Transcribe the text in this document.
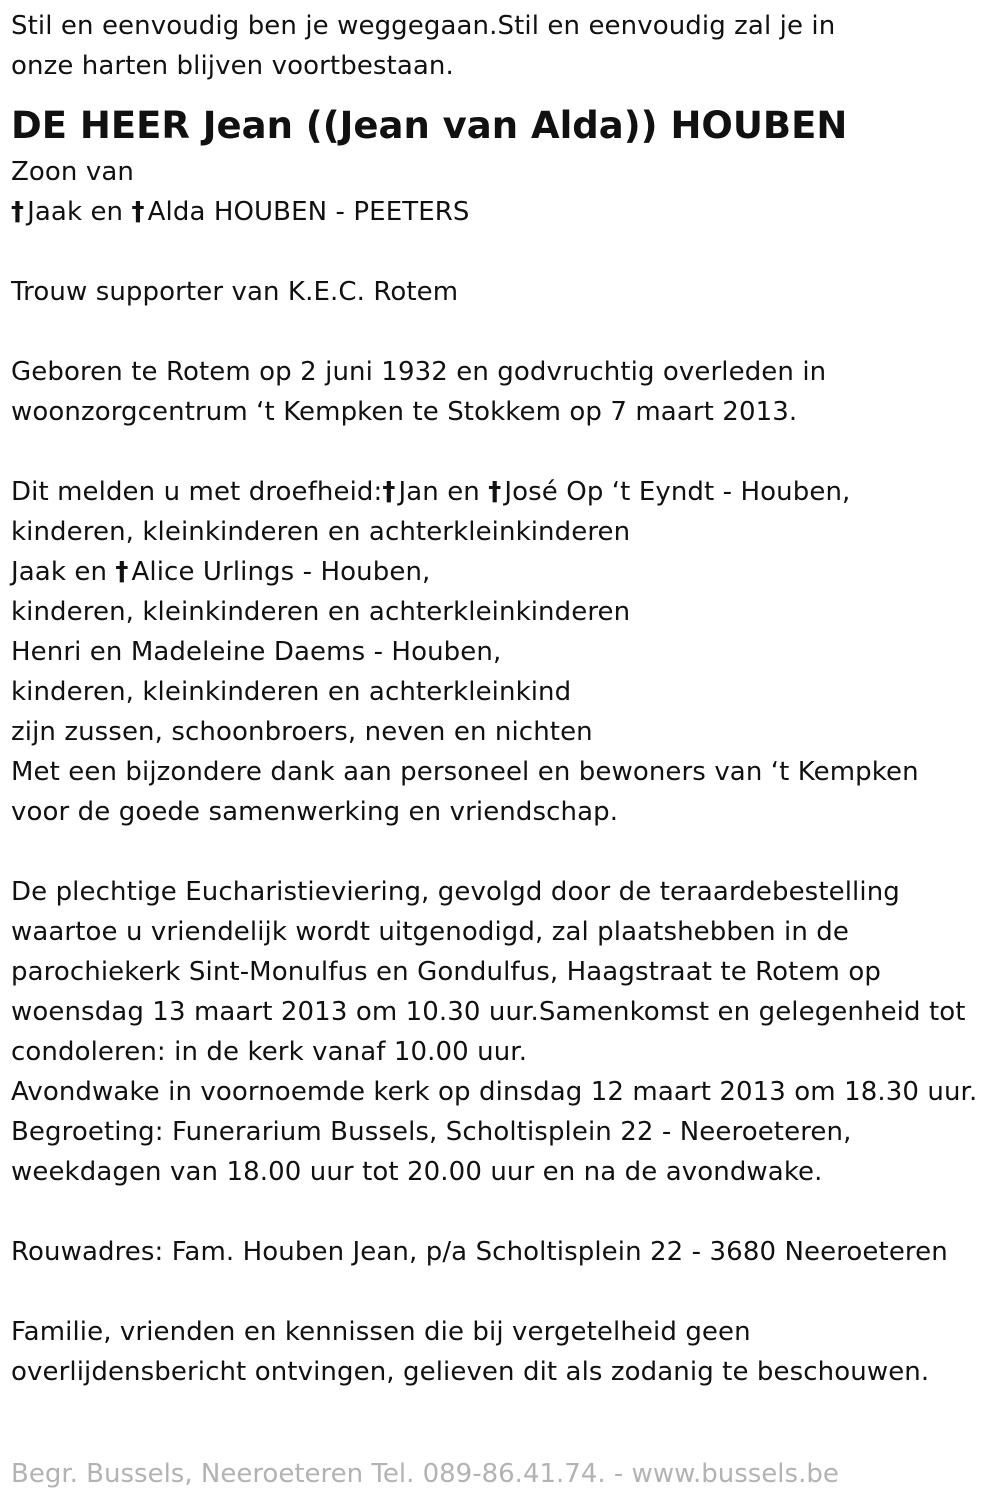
Stil en eenvoudig ben je weggegaan.Stil en eenvoudig zal je in
onze harten blijven voortbestaan.
DE HEER Jean ((Jean van Alda)) HOUBEN
Zoon van
† Jaak en † Alda HOUBEN - PEETERS
Trouw supporter van K.E.C. Rotem
Geboren te Rotem op 2 juni 1932 en godvruchtig overleden in
woonzorgcentrum ‘t Kempken te Stokkem op 7 maart 2013.
Dit melden u met droefheid:† Jan en † José Op ‘t Eyndt - Houben,
kinderen, kleinkinderen en achterkleinkinderen
Jaak en † Alice Urlings - Houben,
kinderen, kleinkinderen en achterkleinkinderen
Henri en Madeleine Daems - Houben,
kinderen, kleinkinderen en achterkleinkind
zijn zussen, schoonbroers, neven en nichten
Met een bijzondere dank aan personeel en bewoners van ‘t Kempken
voor de goede samenwerking en vriendschap.
De plechtige Eucharistieviering, gevolgd door de teraardebestelling
waartoe u vriendelijk wordt uitgenodigd, zal plaatshebben in de
parochiekerk Sint-Monulfus en Gondulfus, Haagstraat te Rotem op
woensdag 13 maart 2013 om 10.30 uur.Samenkomst en gelegenheid tot
condoleren: in de kerk vanaf 10.00 uur.
Avondwake in voornoemde kerk op dinsdag 12 maart 2013 om 18.30 uur.
Begroeting: Funerarium Bussels, Scholtisplein 22 - Neeroeteren,
weekdagen van 18.00 uur tot 20.00 uur en na de avondwake.
Rouwadres: Fam. Houben Jean, p/a Scholtisplein 22 - 3680 Neeroeteren
Familie, vrienden en kennissen die bij vergetelheid geen
overlijdensbericht ontvingen, gelieven dit als zodanig te beschouwen.
Begr. Bussels, Neeroeteren Tel. 089-86.41.74. - www.bussels.be
